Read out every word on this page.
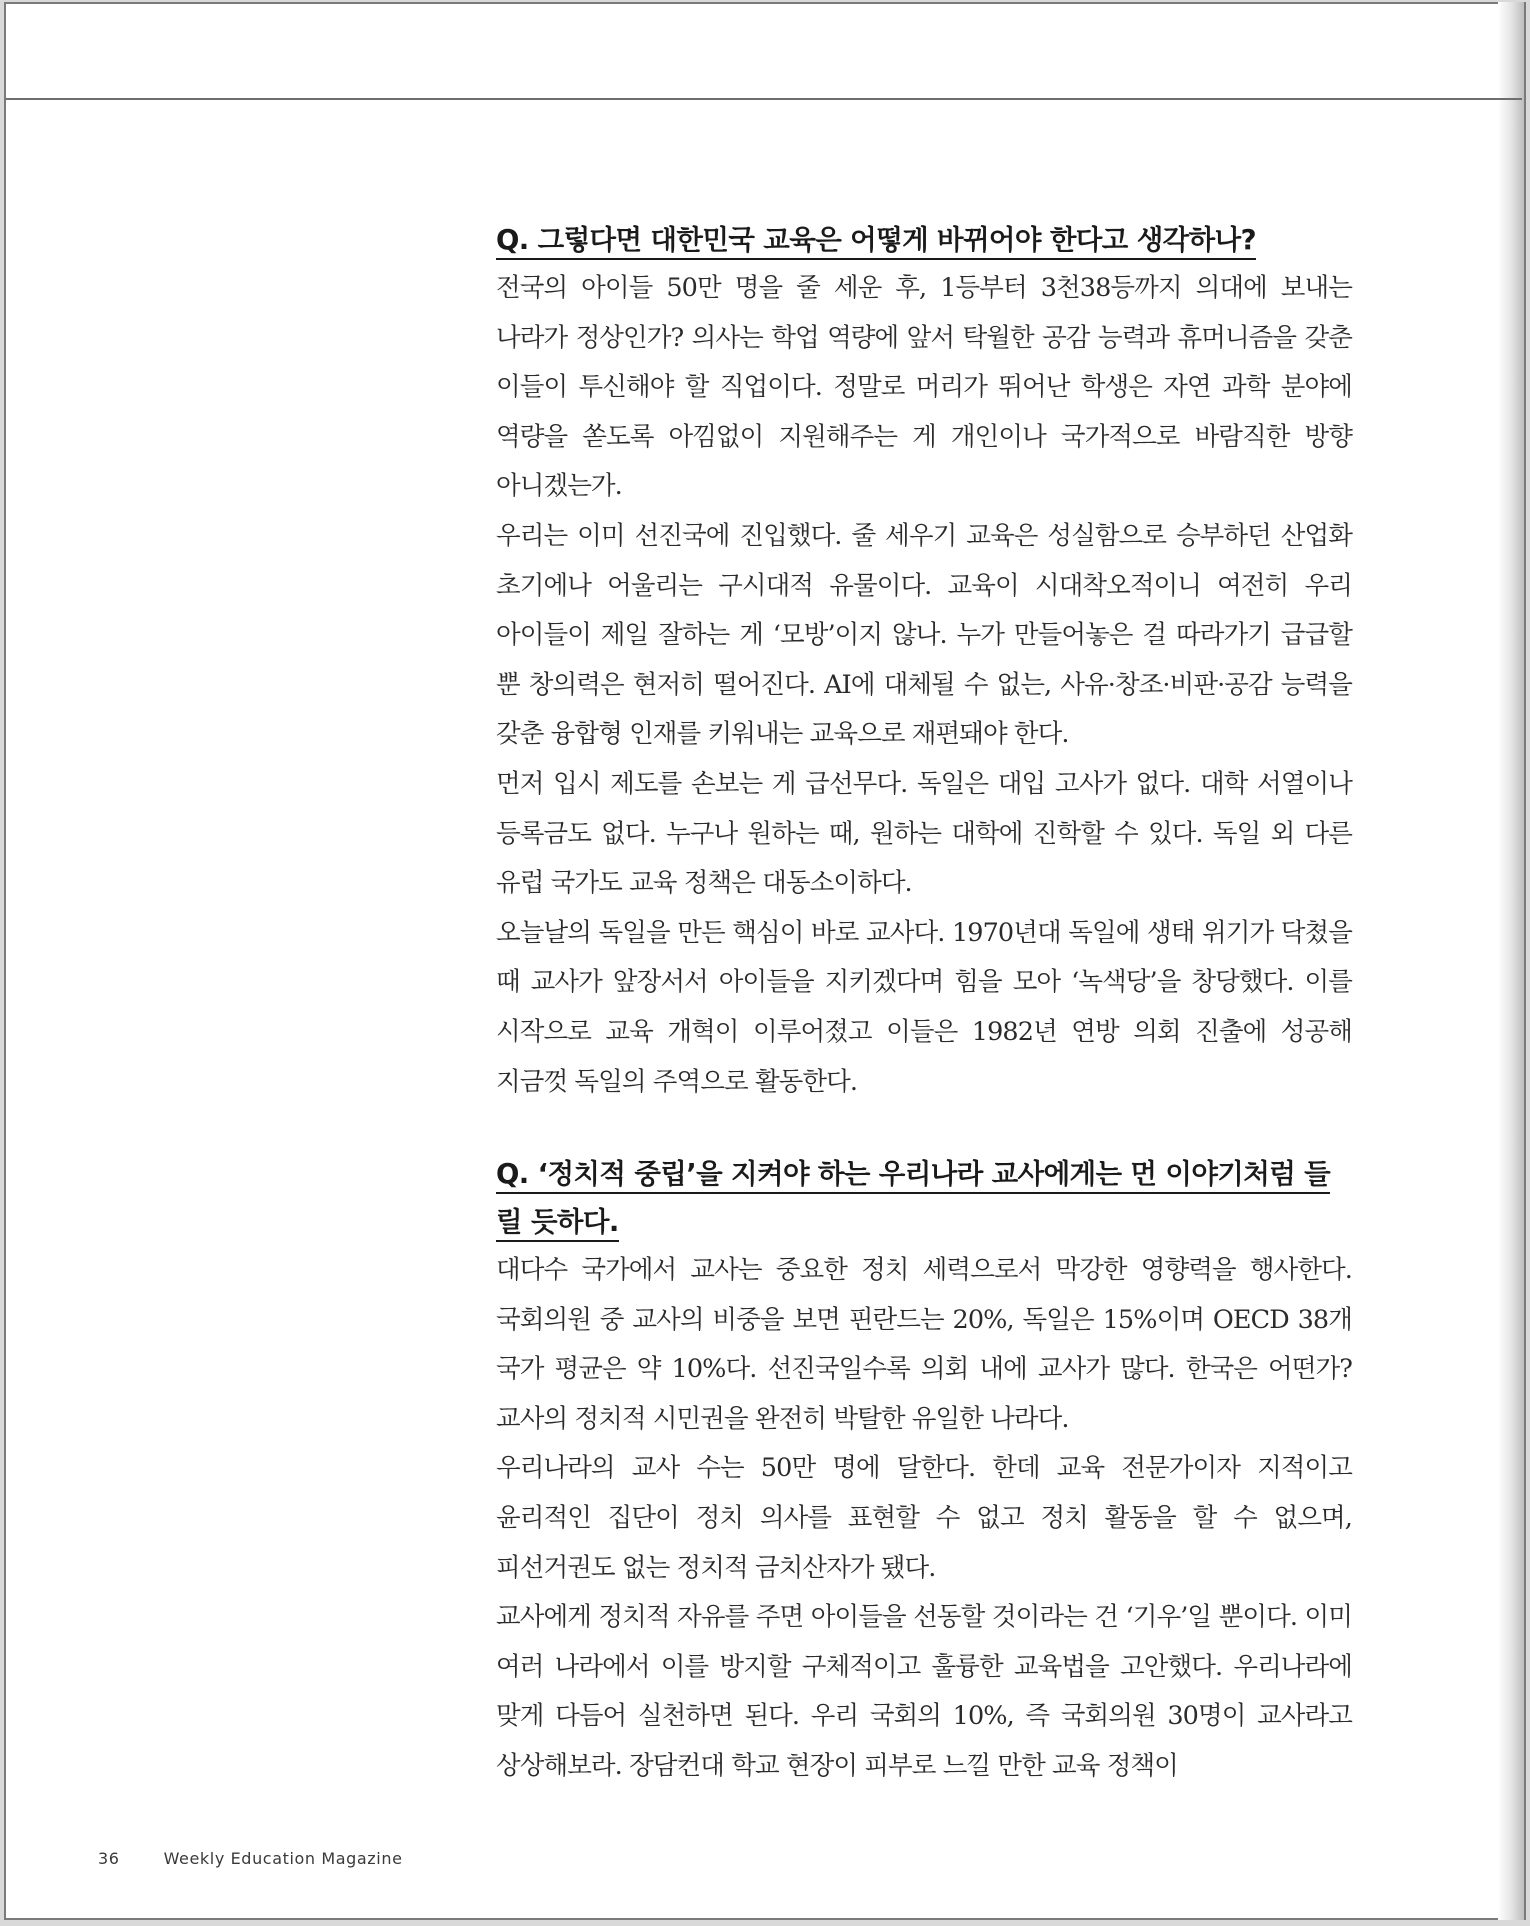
Q. 그렇다면 대한민국 교육은 어떻게 바뀌어야 한다고 생각하나?

전국의 아이들 50만 명을 줄 세운 후, 1등부터 3천38등까지 의대에 보내는 나라가 정상인가? 의사는 학업 역량에 앞서 탁월한 공감 능력과 휴머니즘을 갖춘 이들이 투신해야 할 직업이다. 정말로 머리가 뛰어난 학생은 자연 과학 분야에 역량을 쏟도록 아낌없이 지원해주는 게 개인이나 국가적으로 바람직한 방향 아니겠는가.

우리는 이미 선진국에 진입했다. 줄 세우기 교육은 성실함으로 승부하던 산업화 초기에나 어울리는 구시대적 유물이다. 교육이 시대착오적이니 여전히 우리 아이들이 제일 잘하는 게 ‘모방’이지 않나. 누가 만들어놓은 걸 따라가기 급급할 뿐 창의력은 현저히 떨어진다. AI에 대체될 수 없는, 사유·창조·비판·공감 능력을 갖춘 융합형 인재를 키워내는 교육으로 재편돼야 한다.

먼저 입시 제도를 손보는 게 급선무다. 독일은 대입 고사가 없다. 대학 서열이나 등록금도 없다. 누구나 원하는 때, 원하는 대학에 진학할 수 있다. 독일 외 다른 유럽 국가도 교육 정책은 대동소이하다.

오늘날의 독일을 만든 핵심이 바로 교사다. 1970년대 독일에 생태 위기가 닥쳤을 때 교사가 앞장서서 아이들을 지키겠다며 힘을 모아 ‘녹색당’을 창당했다. 이를 시작으로 교육 개혁이 이루어졌고 이들은 1982년 연방 의회 진출에 성공해 지금껏 독일의 주역으로 활동한다.

Q. ‘정치적 중립’을 지켜야 하는 우리나라 교사에게는 먼 이야기처럼 들릴 듯하다.

대다수 국가에서 교사는 중요한 정치 세력으로서 막강한 영향력을 행사한다. 국회의원 중 교사의 비중을 보면 핀란드는 20%, 독일은 15%이며 OECD 38개 국가 평균은 약 10%다. 선진국일수록 의회 내에 교사가 많다. 한국은 어떤가? 교사의 정치적 시민권을 완전히 박탈한 유일한 나라다.

우리나라의 교사 수는 50만 명에 달한다. 한데 교육 전문가이자 지적이고 윤리적인 집단이 정치 의사를 표현할 수 없고 정치 활동을 할 수 없으며, 피선거권도 없는 정치적 금치산자가 됐다.

교사에게 정치적 자유를 주면 아이들을 선동할 것이라는 건 ‘기우’일 뿐이다. 이미 여러 나라에서 이를 방지할 구체적이고 훌륭한 교육법을 고안했다. 우리나라에 맞게 다듬어 실천하면 된다. 우리 국회의 10%, 즉 국회의원 30명이 교사라고 상상해보라. 장담컨대 학교 현장이 피부로 느낄 만한 교육 정책이

36	Weekly Education Magazine
